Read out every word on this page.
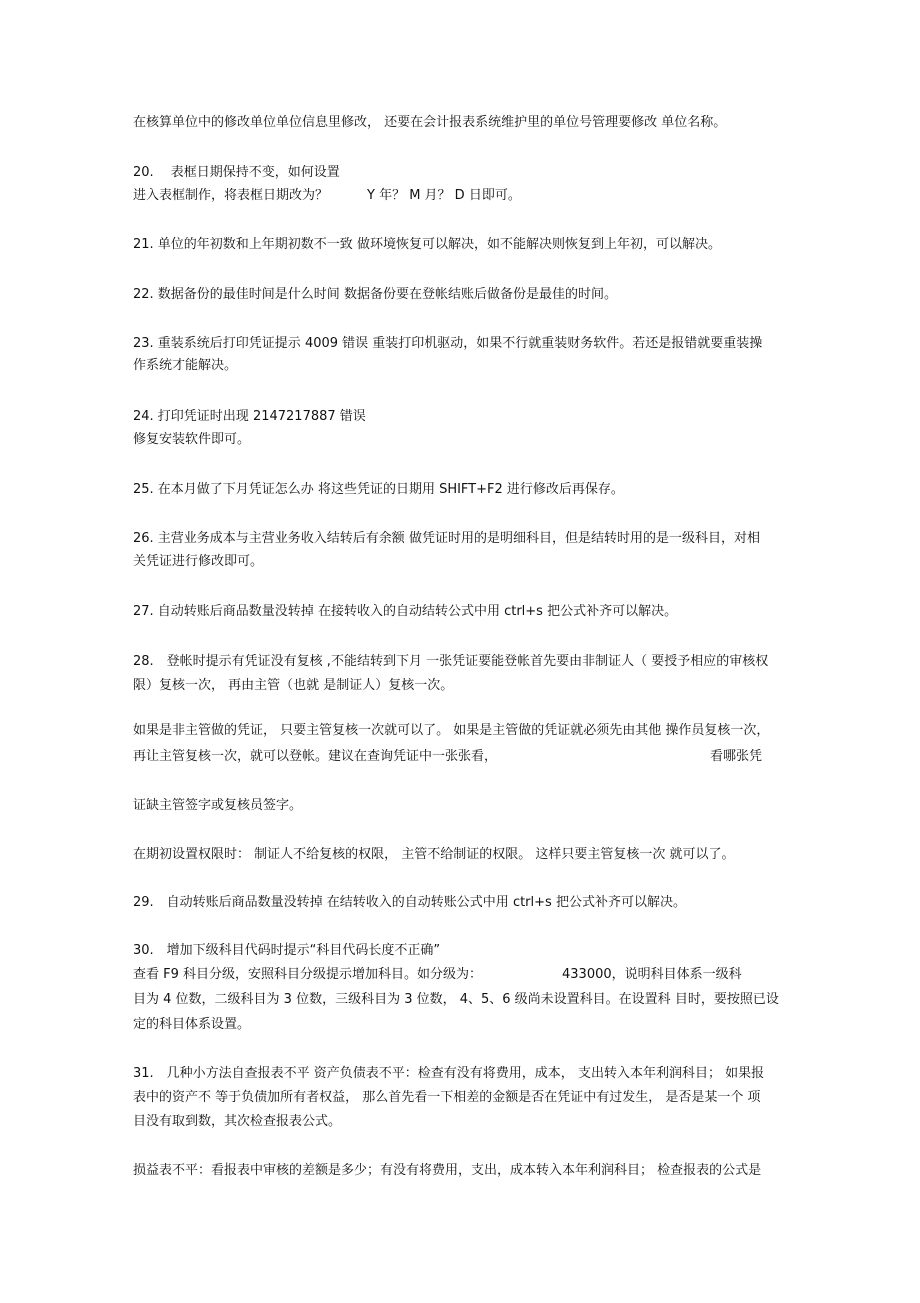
在核算单位中的修改单位单位信息里修改， 还要在会计报表系统维护里的单位号管理要修改 单位名称。
20.　 表框日期保持不变，如何设置
进入表框制作，将表框日期改为？　　　Y 年？ M 月？ D 日即可。
21. 单位的年初数和上年期初数不一致 做环境恢复可以解决，如不能解决则恢复到上年初，可以解决。
22. 数据备份的最佳时间是什么时间 数据备份要在登帐结账后做备份是最佳的时间。
23. 重装系统后打印凭证提示 4009 错误 重装打印机驱动，如果不行就重装财务软件。若还是报错就要重装操
作系统才能解决。
24. 打印凭证时出现 2147217887 错误
修复安装软件即可。
25. 在本月做了下月凭证怎么办 将这些凭证的日期用 SHIFT+F2 进行修改后再保存。
26. 主营业务成本与主营业务收入结转后有余额 做凭证时用的是明细科目，但是结转时用的是一级科目，对相
关凭证进行修改即可。
27. 自动转账后商品数量没转掉 在接转收入的自动结转公式中用 ctrl+s 把公式补齐可以解决。
28.　登帐时提示有凭证没有复核 ,不能结转到下月 一张凭证要能登帐首先要由非制证人（ 要授予相应的审核权
限）复核一次， 再由主管（也就 是制证人）复核一次。
如果是非主管做的凭证， 只要主管复核一次就可以了。 如果是主管做的凭证就必须先由其他 操作员复核一次，
再让主管复核一次，就可以登帐。建议在查询凭证中一张张看，	看哪张凭
证缺主管签字或复核员签字。
在期初设置权限时： 制证人不给复核的权限， 主管不给制证的权限。 这样只要主管复核一次 就可以了。
29.　自动转账后商品数量没转掉 在结转收入的自动转账公式中用 ctrl+s 把公式补齐可以解决。
30.　增加下级科目代码时提示“科目代码长度不正确”
查看 F9 科目分级，安照科目分级提示增加科目。如分级为：	433000，说明科目体系一级科
目为 4 位数，二级科目为 3 位数，三级科目为 3 位数， 4、5、6 级尚未设置科目。在设置科 目时，要按照已设
定的科目体系设置。
31.　几种小方法自查报表不平 资产负债表不平：检查有没有将费用，成本， 支出转入本年利润科目； 如果报
表中的资产不 等于负债加所有者权益， 那么首先看一下相差的金额是否在凭证中有过发生， 是否是某一个 项
目没有取到数，其次检查报表公式。
损益表不平：看报表中审核的差额是多少；有没有将费用，支出，成本转入本年利润科目； 检查报表的公式是
